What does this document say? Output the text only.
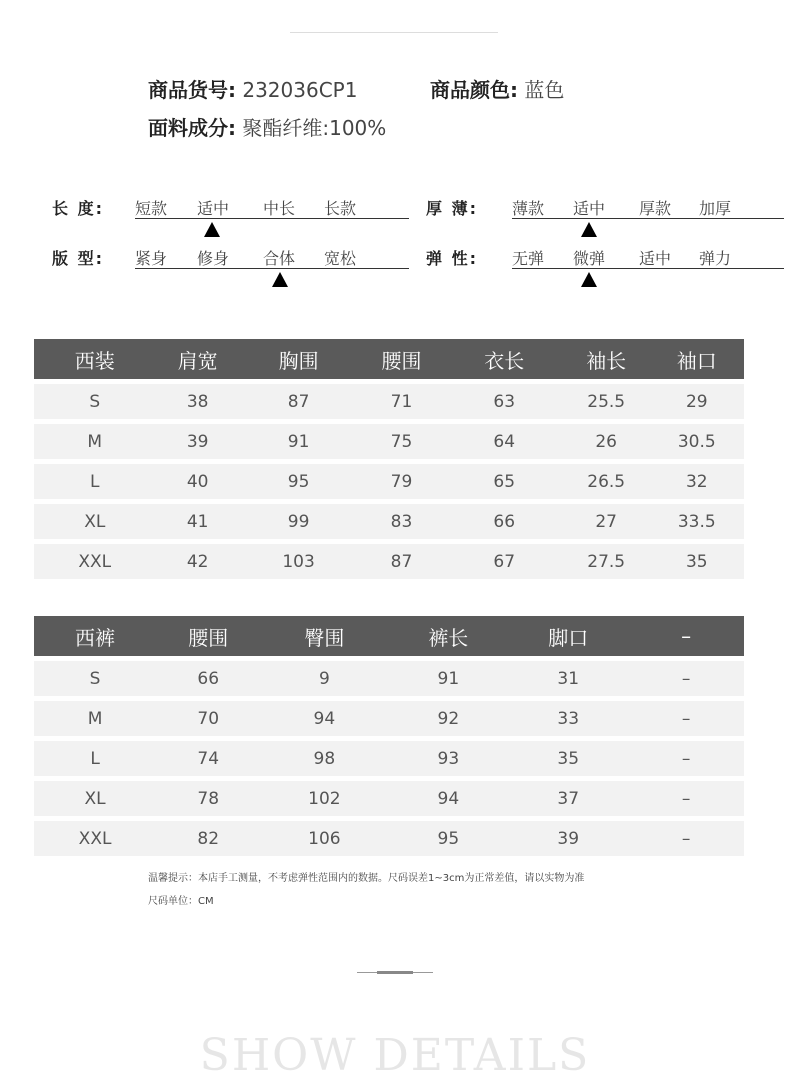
商品货号: 232036CP1	商品颜色: 蓝色
面料成分: 聚酯纤维:100%
长 度: 短款 适中 中长 长款	厚 薄: 薄款 适中 厚款 加厚
版 型: 紧身 修身 合体 宽松	弹 性: 无弹 微弹 适中 弹力
西装	肩宽	胸围	腰围	衣长	袖长	袖口
S	38	87	71	63	25.5	29
M	39	91	75	64	26	30.5
L	40	95	79	65	26.5	32
XL	41	99	83	66	27	33.5
XXL	42	103	87	67	27.5	35
西裤	腰围	臀围	裤长	脚口	–
S	66	9	91	31	–
M	70	94	92	33	–
L	74	98	93	35	–
XL	78	102	94	37	–
XXL	82	106	95	39	–
温馨提示：本店手工测量，不考虑弹性范围内的数据。尺码误差1~3cm为正常差值，请以实物为准
尺码单位：CM
SHOW DETAILS
